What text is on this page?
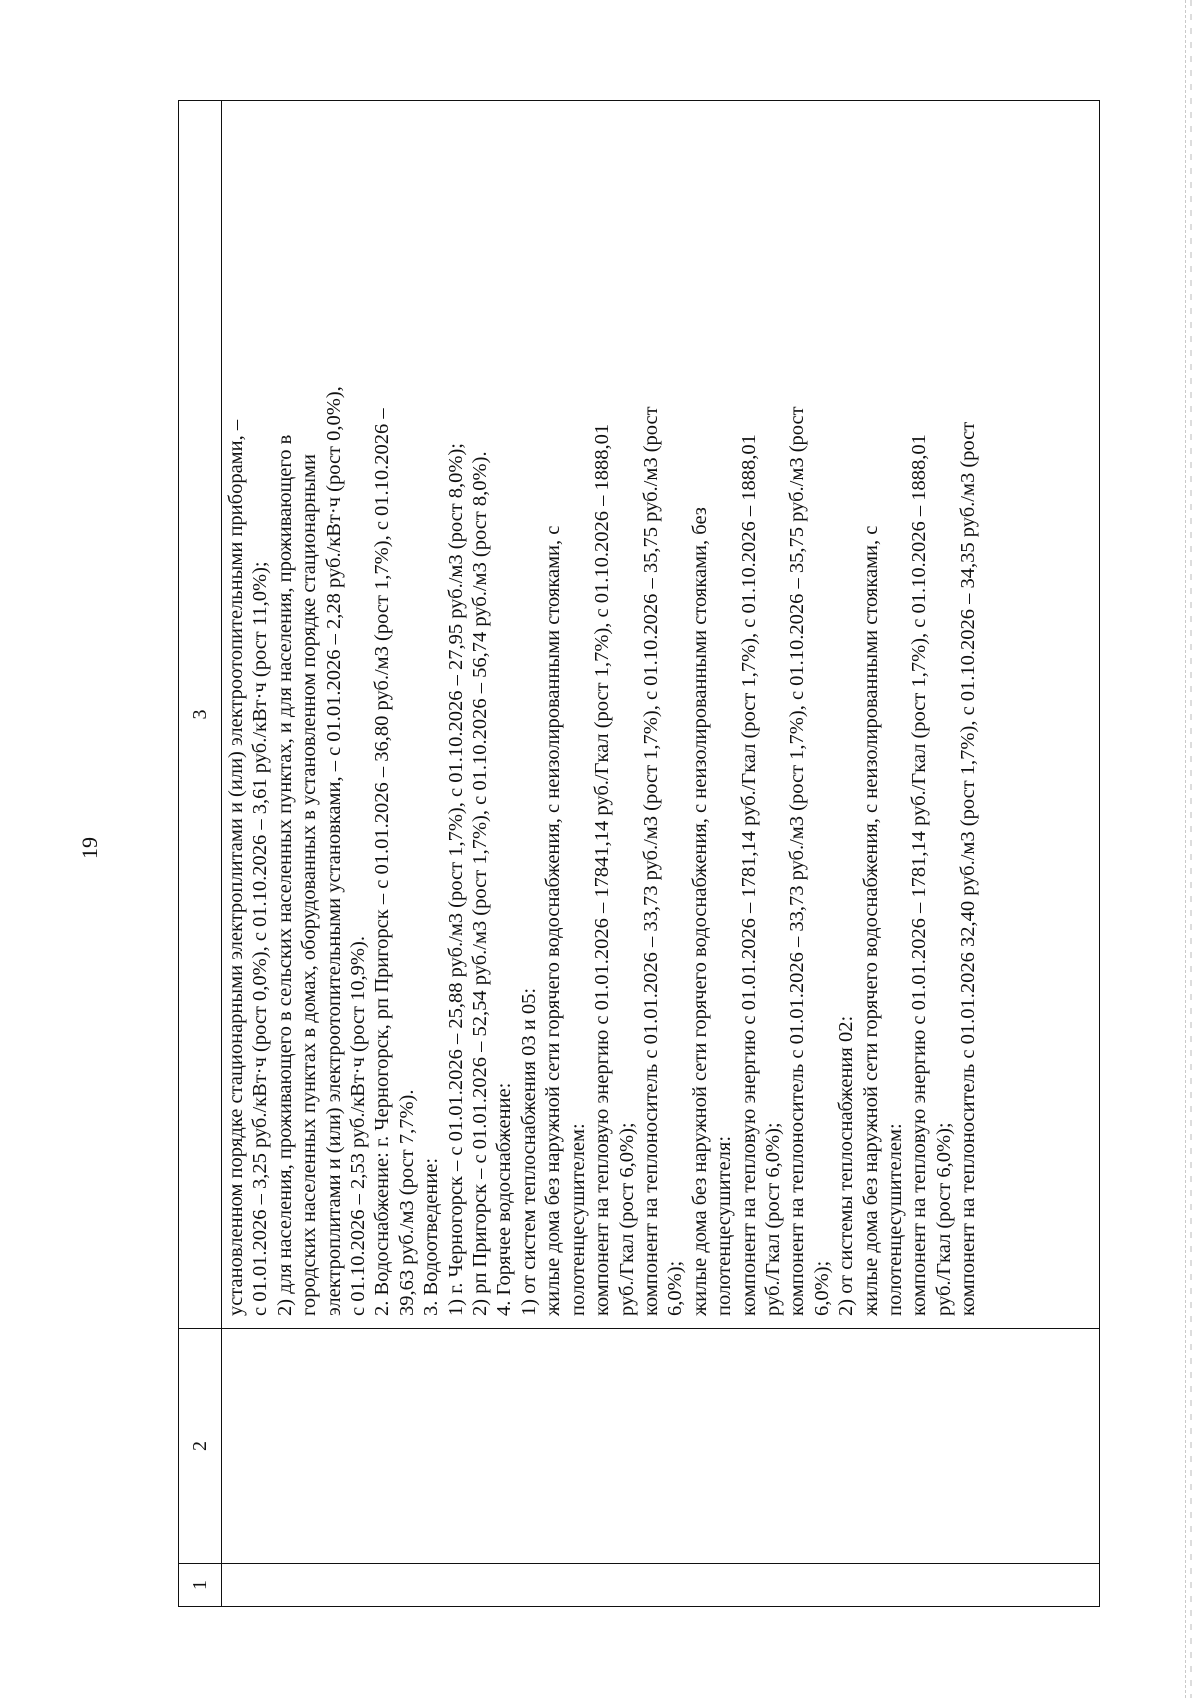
19
1
2
3 установленном порядке стационарными электроплитами и (или) электроотопительными приборами, – с 01.01.2026 – 3,25 руб./кВт·ч (рост 0,0%), с 01.10.2026 – 3,61 руб./кВт·ч (рост 11,0%); 2) для населения, проживающего в сельских населенных пунктах, и для населения, проживающего в городских населенных пунктах в домах, оборудованных в установленном порядке стационарными электроплитами и (или) электроотопительными установками, – с 01.01.2026 – 2,28 руб./кВт·ч (рост 0,0%), с 01.10.2026 – 2,53 руб./кВт·ч (рост 10,9%). 2. Водоснабжение: г. Черногорск, рп Пригорск – с 01.01.2026 – 36,80 руб./м3 (рост 1,7%), с 01.10.2026 – 39,63 руб./м3 (рост 7,7%). 3. Водоотведение: 1) г. Черногорск – с 01.01.2026 – 25,88 руб./м3 (рост 1,7%), с 01.10.2026 – 27,95 руб./м3 (рост 8,0%); 2) рп Пригорск – с 01.01.2026 – 52,54 руб./м3 (рост 1,7%), с 01.10.2026 – 56,74 руб./м3 (рост 8,0%). 4. Горячее водоснабжение: 1) от систем теплоснабжения 03 и 05: жилые дома без наружной сети горячего водоснабжения, с неизолированными стояками, с полотенцесушителем: компонент на тепловую энергию с 01.01.2026 – 17841,14 руб./Гкал (рост 1,7%), с 01.10.2026 – 1888,01 руб./Гкал (рост 6,0%); компонент на теплоноситель с 01.01.2026 – 33,73 руб./м3 (рост 1,7%), с 01.10.2026 – 35,75 руб./м3 (рост 6,0%); жилые дома без наружной сети горячего водоснабжения, с неизолированными стояками, без полотенцесушителя: компонент на тепловую энергию с 01.01.2026 – 1781,14 руб./Гкал (рост 1,7%), с 01.10.2026 – 1888,01 руб./Гкал (рост 6,0%); компонент на теплоноситель с 01.01.2026 – 33,73 руб./м3 (рост 1,7%), с 01.10.2026 – 35,75 руб./м3 (рост 6,0%); 2) от системы теплоснабжения 02: жилые дома без наружной сети горячего водоснабжения, с неизолированными стояками, с полотенцесушителем: компонент на тепловую энергию с 01.01.2026 – 1781,14 руб./Гкал (рост 1,7%), с 01.10.2026 – 1888,01 руб./Гкал (рост 6,0%); компонент на теплоноситель с 01.01.2026 32,40 руб./м3 (рост 1,7%), с 01.10.2026 – 34,35 руб./м3 (рост
